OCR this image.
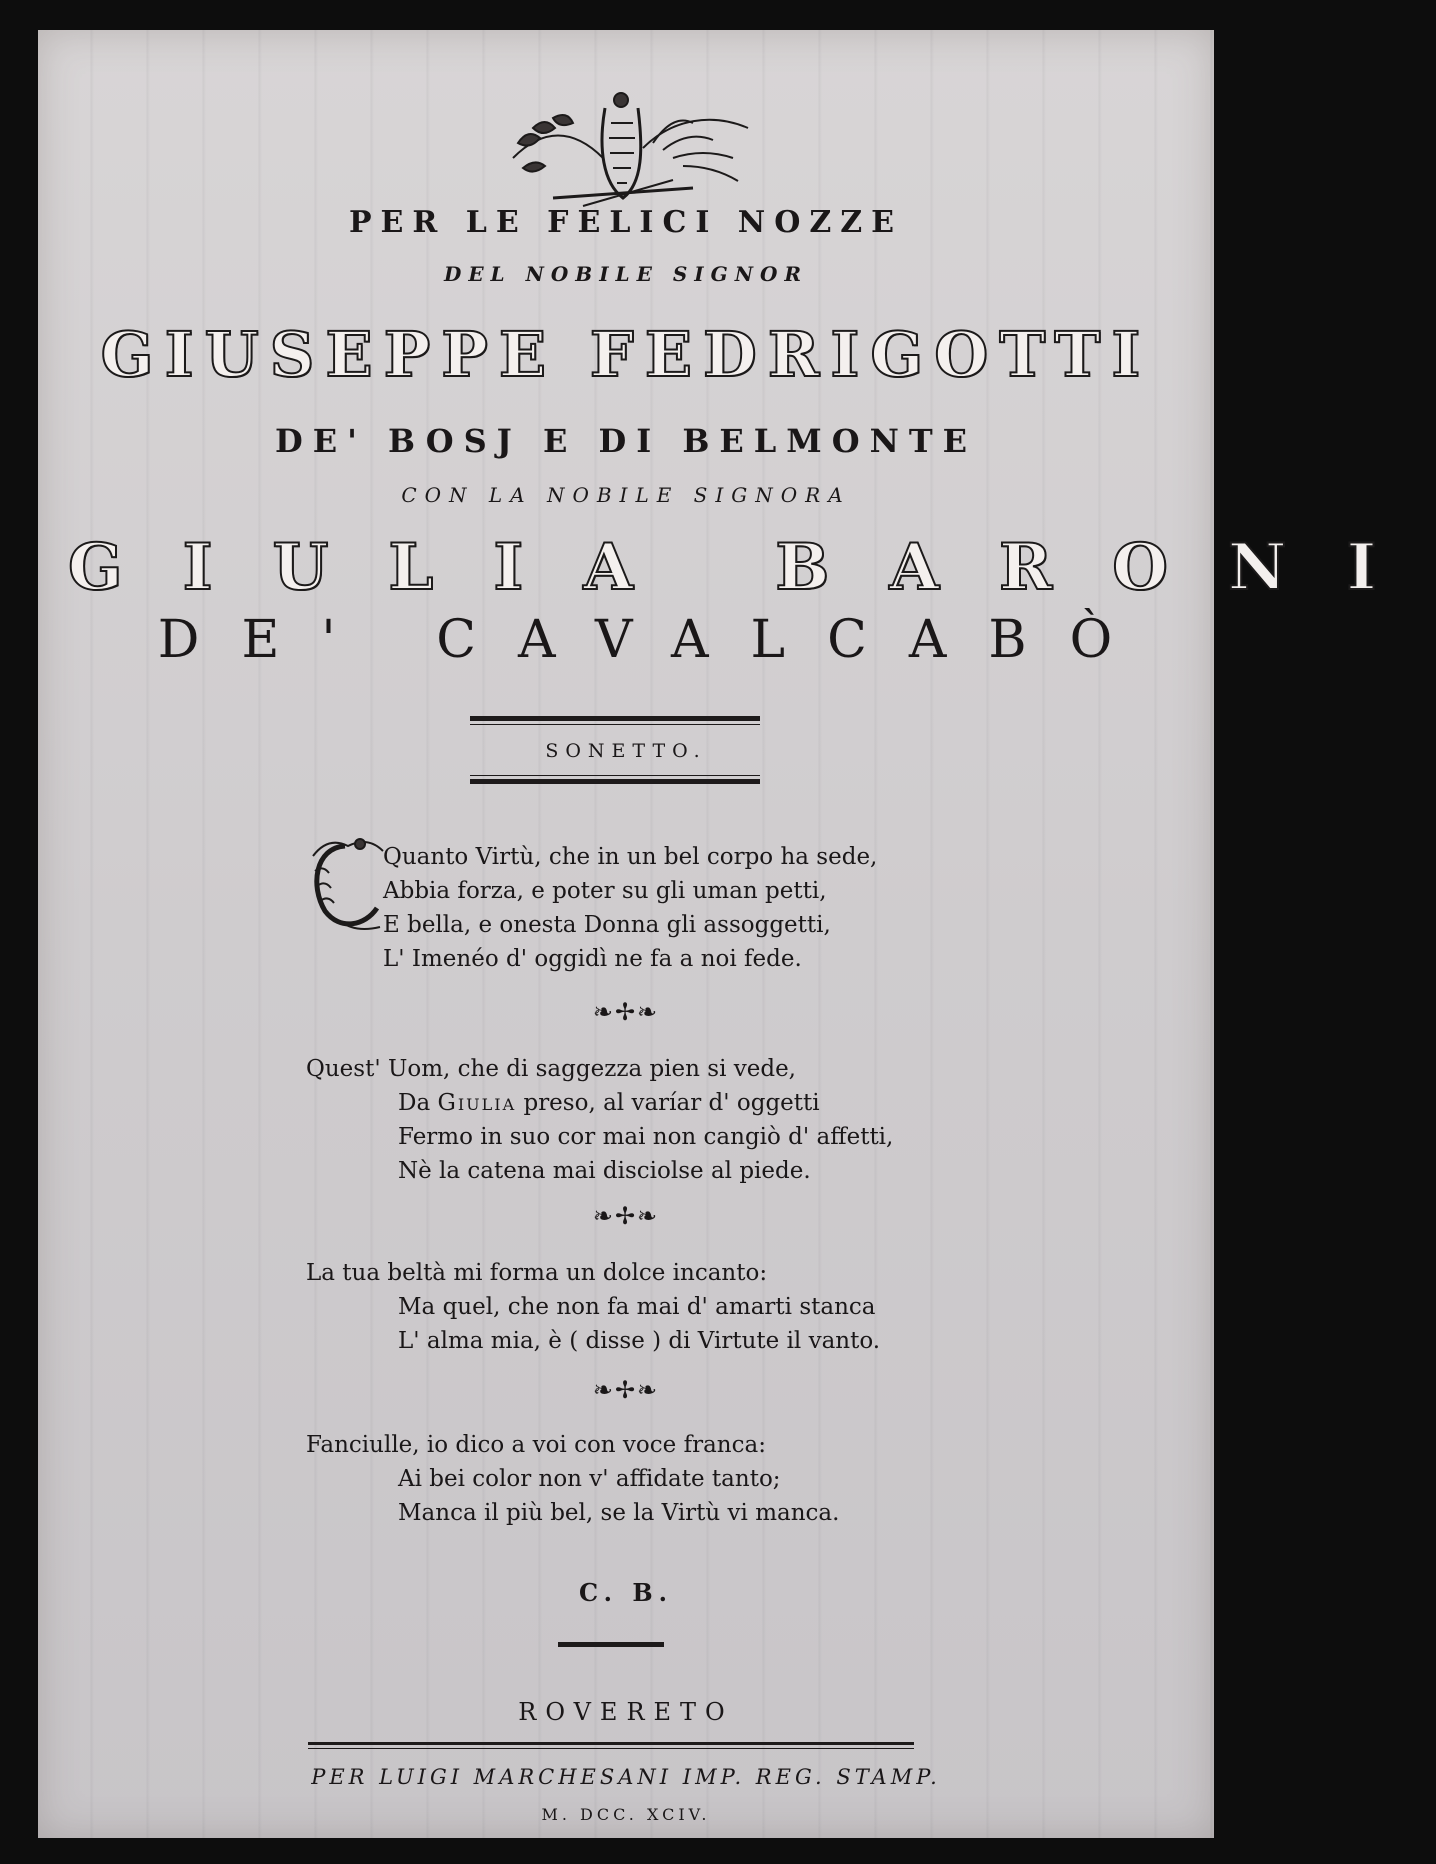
PER LE FELICI NOZZE
DEL NOBILE SIGNOR
GIUSEPPE FEDRIGOTTI
DE' BOSJ E DI BELMONTE
CON LA NOBILE SIGNORA
GIULIA BARONI
DE' CAVALCABÒ
SONETTO.
Quanto Virtù, che in un bel corpo ha sede,
Abbia forza, e poter su gli uman petti,
E bella, e onesta Donna gli assoggetti,
L' Imenéo d' oggidì ne fa a noi fede.
❧✢❧
Quest' Uom, che di saggezza pien si vede,
Da Giulia preso, al varíar d' oggetti
Fermo in suo cor mai non cangiò d' affetti,
Nè la catena mai disciolse al piede.
❧✢❧
La tua beltà mi forma un dolce incanto:
Ma quel, che non fa mai d' amarti stanca
L' alma mia, è ( disse ) di Virtute il vanto.
❧✢❧
Fanciulle, io dico a voi con voce franca:
Ai bei color non v' affidate tanto;
Manca il più bel, se la Virtù vi manca.
C. B.
ROVERETO
PER LUIGI MARCHESANI IMP. REG. STAMP.
M. DCC. XCIV.
